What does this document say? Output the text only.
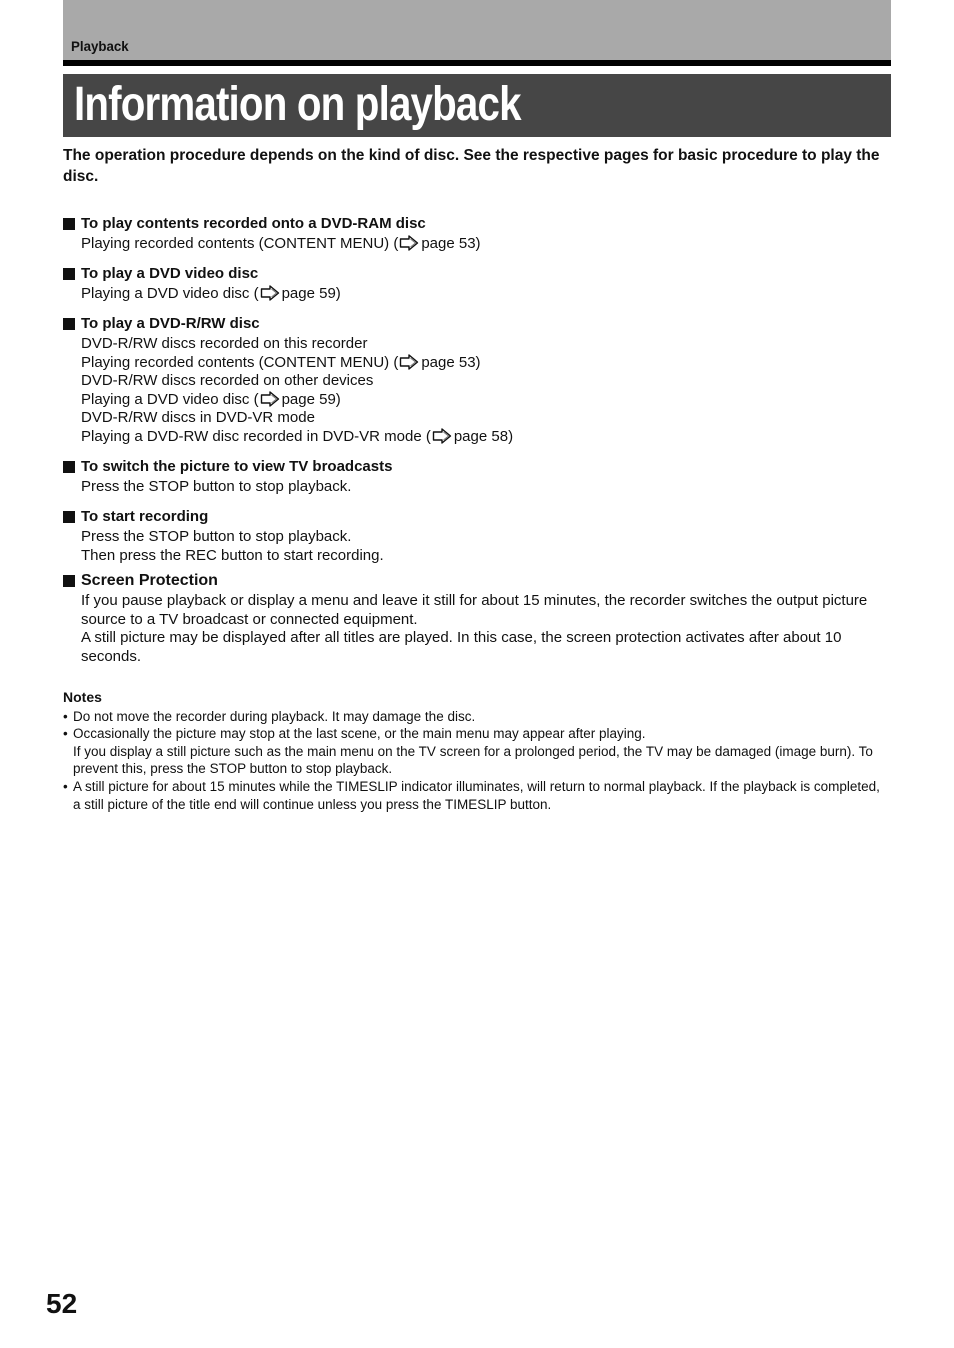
Playback
Information on playback

The operation procedure depends on the kind of disc. See the respective pages for basic procedure to play the disc.

To play contents recorded onto a DVD-RAM disc
Playing recorded contents (CONTENT MENU) ( page 53)
To play a DVD video disc
Playing a DVD video disc ( page 59)
To play a DVD-R/RW disc
DVD-R/RW discs recorded on this recorder
Playing recorded contents (CONTENT MENU) ( page 53)
DVD-R/RW discs recorded on other devices
Playing a DVD video disc ( page 59)
DVD-R/RW discs in DVD-VR mode
Playing a DVD-RW disc recorded in DVD-VR mode ( page 58)
To switch the picture to view TV broadcasts
Press the STOP button to stop playback.
To start recording
Press the STOP button to stop playback.
Then press the REC button to start recording.
Screen Protection
If you pause playback or display a menu and leave it still for about 15 minutes, the recorder switches the output picture source to a TV broadcast or connected equipment.
A still picture may be displayed after all titles are played. In this case, the screen protection activates after about 10 seconds.
Notes
• Do not move the recorder during playback. It may damage the disc.
• Occasionally the picture may stop at the last scene, or the main menu may appear after playing.
If you display a still picture such as the main menu on the TV screen for a prolonged period, the TV may be damaged (image burn). To prevent this, press the STOP button to stop playback.
• A still picture for about 15 minutes while the TIMESLIP indicator illuminates, will return to normal playback. If the playback is completed, a still picture of the title end will continue unless you press the TIMESLIP button.
52
